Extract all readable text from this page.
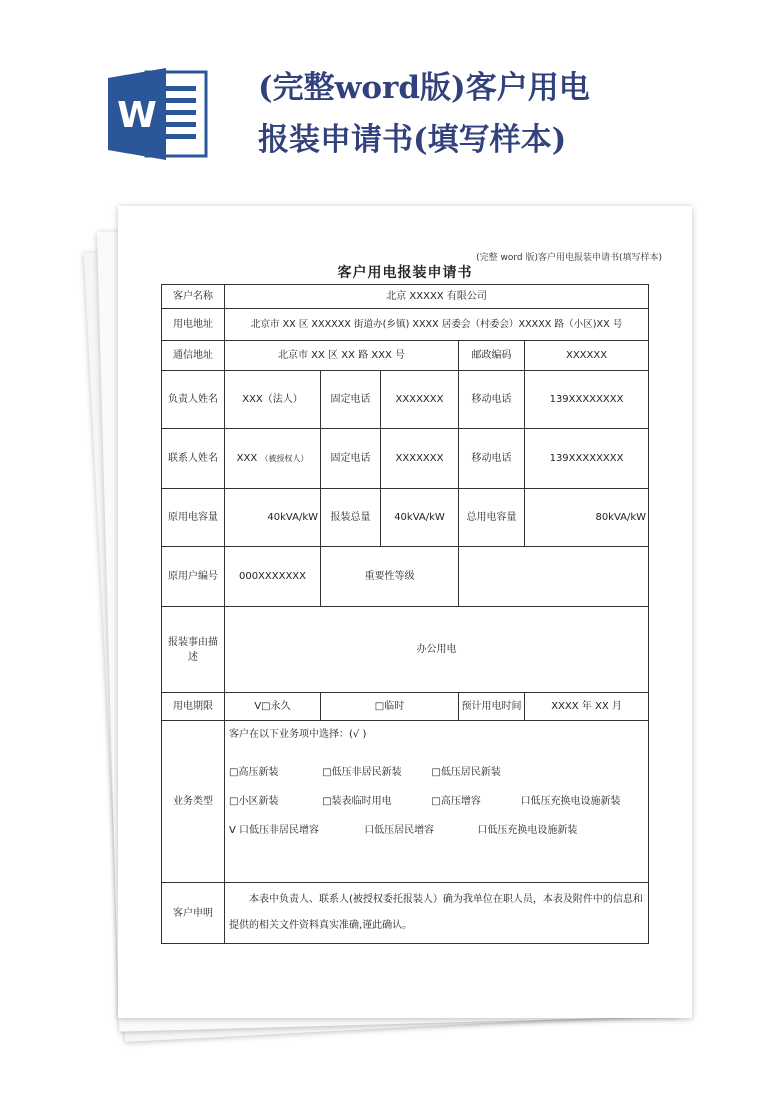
W
(完整word版)客户用电
报装申请书(填写样本)
(完整 word 版)客户用电报装申请书(填写样本)
客户用电报装申请书
客户名称	北京 XXXXX 有限公司				
用电地址	北京市 XX 区 XXXXXX 街道办(乡镇) XXXX 居委会（村委会）XXXXX 路（小区)XX 号				
通信地址	北京市 XX 区 XX 路 XXX 号			邮政编码	XXXXXX
负责人姓名	XXX（法人）	固定电话	XXXXXXX	移动电话	139XXXXXXXX
联系人姓名	XXX （被授权人）	固定电话	XXXXXXX	移动电话	139XXXXXXXX
原用电容量	40kVA/kW	报装总量	40kVA/kW	总用电容量	80kVA/kW
原用户编号	000XXXXXXX	重要性等级			
报装事由描述	办公用电				
用电期限	V□永久	□临时		预计用电时间	XXXX 年 XX 月
业务类型	客户在以下业务项中选择：(√ )
□高压新装 □低压非居民新装 □低压居民新装
□小区新装 □装表临时用电 □高压增容 口低压充换电设施新装
V 口低压非居民增容 口低压居民增容 口低压充换电设施新装				

客户申明	本表中负责人、联系人(被授权委托报装人）确为我单位在职人员，本表及附件中的信息和提供的相关文件资料真实准确,谨此确认。				
